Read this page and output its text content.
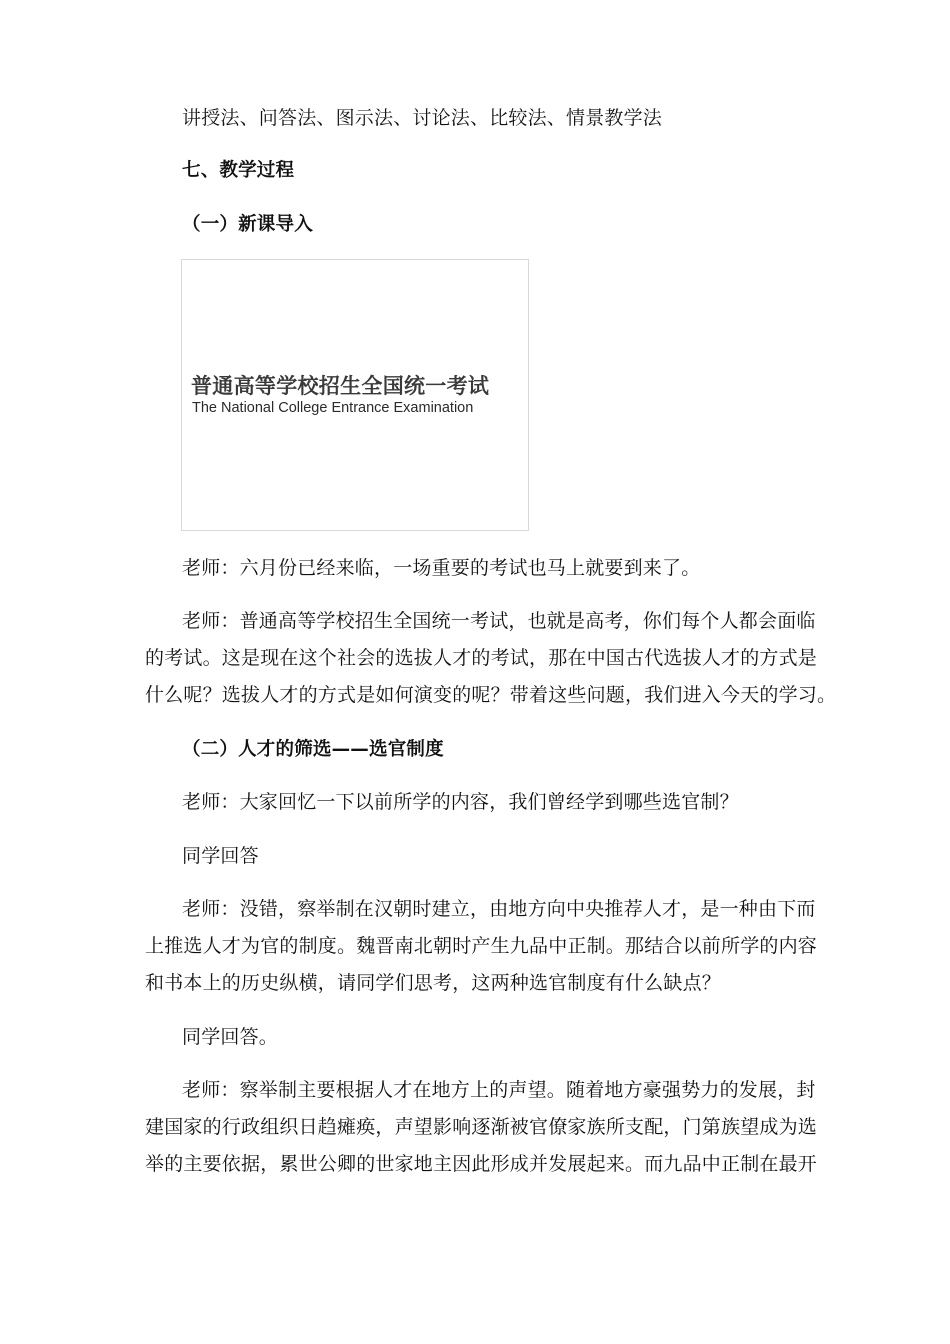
讲授法、问答法、图示法、讨论法、比较法、情景教学法
七、教学过程
（一）新课导入
普通高等学校招生全国统一考试
The National College Entrance Examination
老师：六月份已经来临，一场重要的考试也马上就要到来了。
老师：普通高等学校招生全国统一考试，也就是高考，你们每个人都会面临
的考试。这是现在这个社会的选拔人才的考试，那在中国古代选拔人才的方式是
什么呢？选拔人才的方式是如何演变的呢？带着这些问题，我们进入今天的学习。
（二）人才的筛选——选官制度
老师：大家回忆一下以前所学的内容，我们曾经学到哪些选官制？
同学回答
老师：没错，察举制在汉朝时建立，由地方向中央推荐人才，是一种由下而
上推选人才为官的制度。魏晋南北朝时产生九品中正制。那结合以前所学的内容
和书本上的历史纵横，请同学们思考，这两种选官制度有什么缺点？
同学回答。
老师：察举制主要根据人才在地方上的声望。随着地方豪强势力的发展，封
建国家的行政组织日趋瘫痪，声望影响逐渐被官僚家族所支配，门第族望成为选
举的主要依据，累世公卿的世家地主因此形成并发展起来。而九品中正制在最开
